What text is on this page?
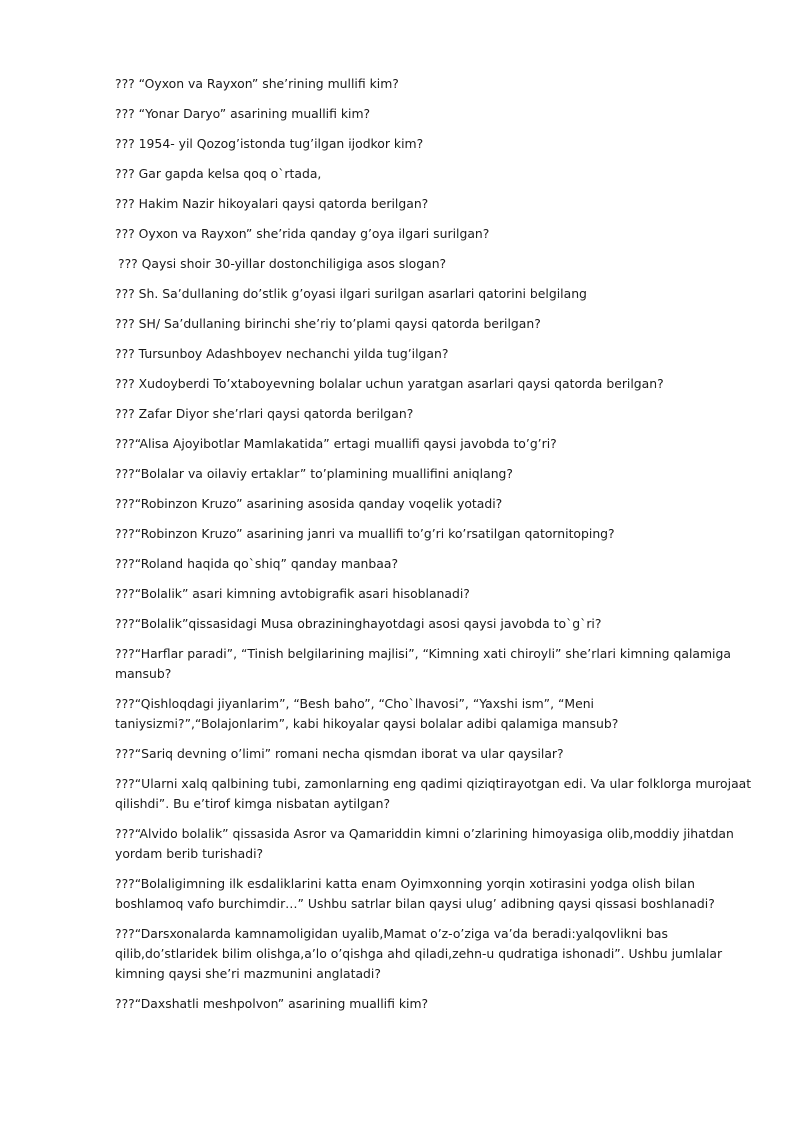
??? “Oyxon va Rayxon” she’rining mullifi kim?
??? “Yonar Daryo” asarining muallifi kim?
??? 1954- yil Qozog’istonda tug’ilgan ijodkor kim?
??? Gar gapda kelsa qoq o`rtada,
??? Hakim Nazir hikoyalari qaysi qatorda berilgan?
??? Oyxon va Rayxon” she’rida qanday g’oya ilgari surilgan?
??? Qaysi shoir 30-yillar dostonchiligiga asos slogan?
??? Sh. Sa’dullaning do’stlik g’oyasi ilgari surilgan asarlari qatorini belgilang
??? SH/ Sa’dullaning birinchi she’riy to’plami qaysi qatorda berilgan?
??? Tursunboy Adashboyev nechanchi yilda tug’ilgan?
??? Xudoyberdi To’xtaboyevning bolalar uchun yaratgan asarlari qaysi qatorda berilgan?
??? Zafar Diyor she’rlari qaysi qatorda berilgan?
???“Alisa Ajoyibotlar Mamlakatida” ertagi muallifi qaysi javobda to’g’ri?
???“Bolalar va oilaviy ertaklar” to’plamining muallifini aniqlang?
???“Robinzon Kruzo” asarining asosida qanday voqelik yotadi?
???“Robinzon Kruzo” asarining janri va muallifi to’g’ri ko’rsatilgan qatornitoping?
???“Roland haqida qo`shiq” qanday manbaa?
???“Bolalik” asari kimning avtobigrafik asari hisoblanadi?
???“Bolalik”qissasidagi Musa obrazininghayotdagi asosi qaysi javobda to`g`ri?
???“Harflar paradi”, “Tinish belgilarining majlisi”, “Kimning xati chiroyli” she’rlari kimning qalamiga mansub?
???“Qishloqdagi jiyanlarim”, “Besh baho”, “Cho`lhavosi”, “Yaxshi ism”, “Meni taniysizmi?”,“Bolajonlarim”, kabi hikoyalar qaysi bolalar adibi qalamiga mansub?
???“Sariq devning o’limi” romani necha qismdan iborat va ular qaysilar?
???“Ularni xalq qalbining tubi, zamonlarning eng qadimi qiziqtirayotgan edi. Va ular folklorga murojaat qilishdi”. Bu e’tirof kimga nisbatan aytilgan?
???“Alvido bolalik” qissasida Asror va Qamariddin kimni o’zlarining himoyasiga olib,moddiy jihatdan yordam berib turishadi?
???“Bolaligimning ilk esdaliklarini katta enam Oyimxonning yorqin xotirasini yodga olish bilan boshlamoq vafo burchimdir…” Ushbu satrlar bilan qaysi ulug’ adibning qaysi qissasi boshlanadi?
???“Darsxonalarda kamnamoligidan uyalib,Mamat o’z-o’ziga va’da beradi:yalqovlikni bas qilib,do’stlaridek bilim olishga,a’lo o’qishga ahd qiladi,zehn-u qudratiga ishonadi”. Ushbu jumlalar kimning qaysi she’ri mazmunini anglatadi?
???“Daxshatli meshpolvon” asarining muallifi kim?
